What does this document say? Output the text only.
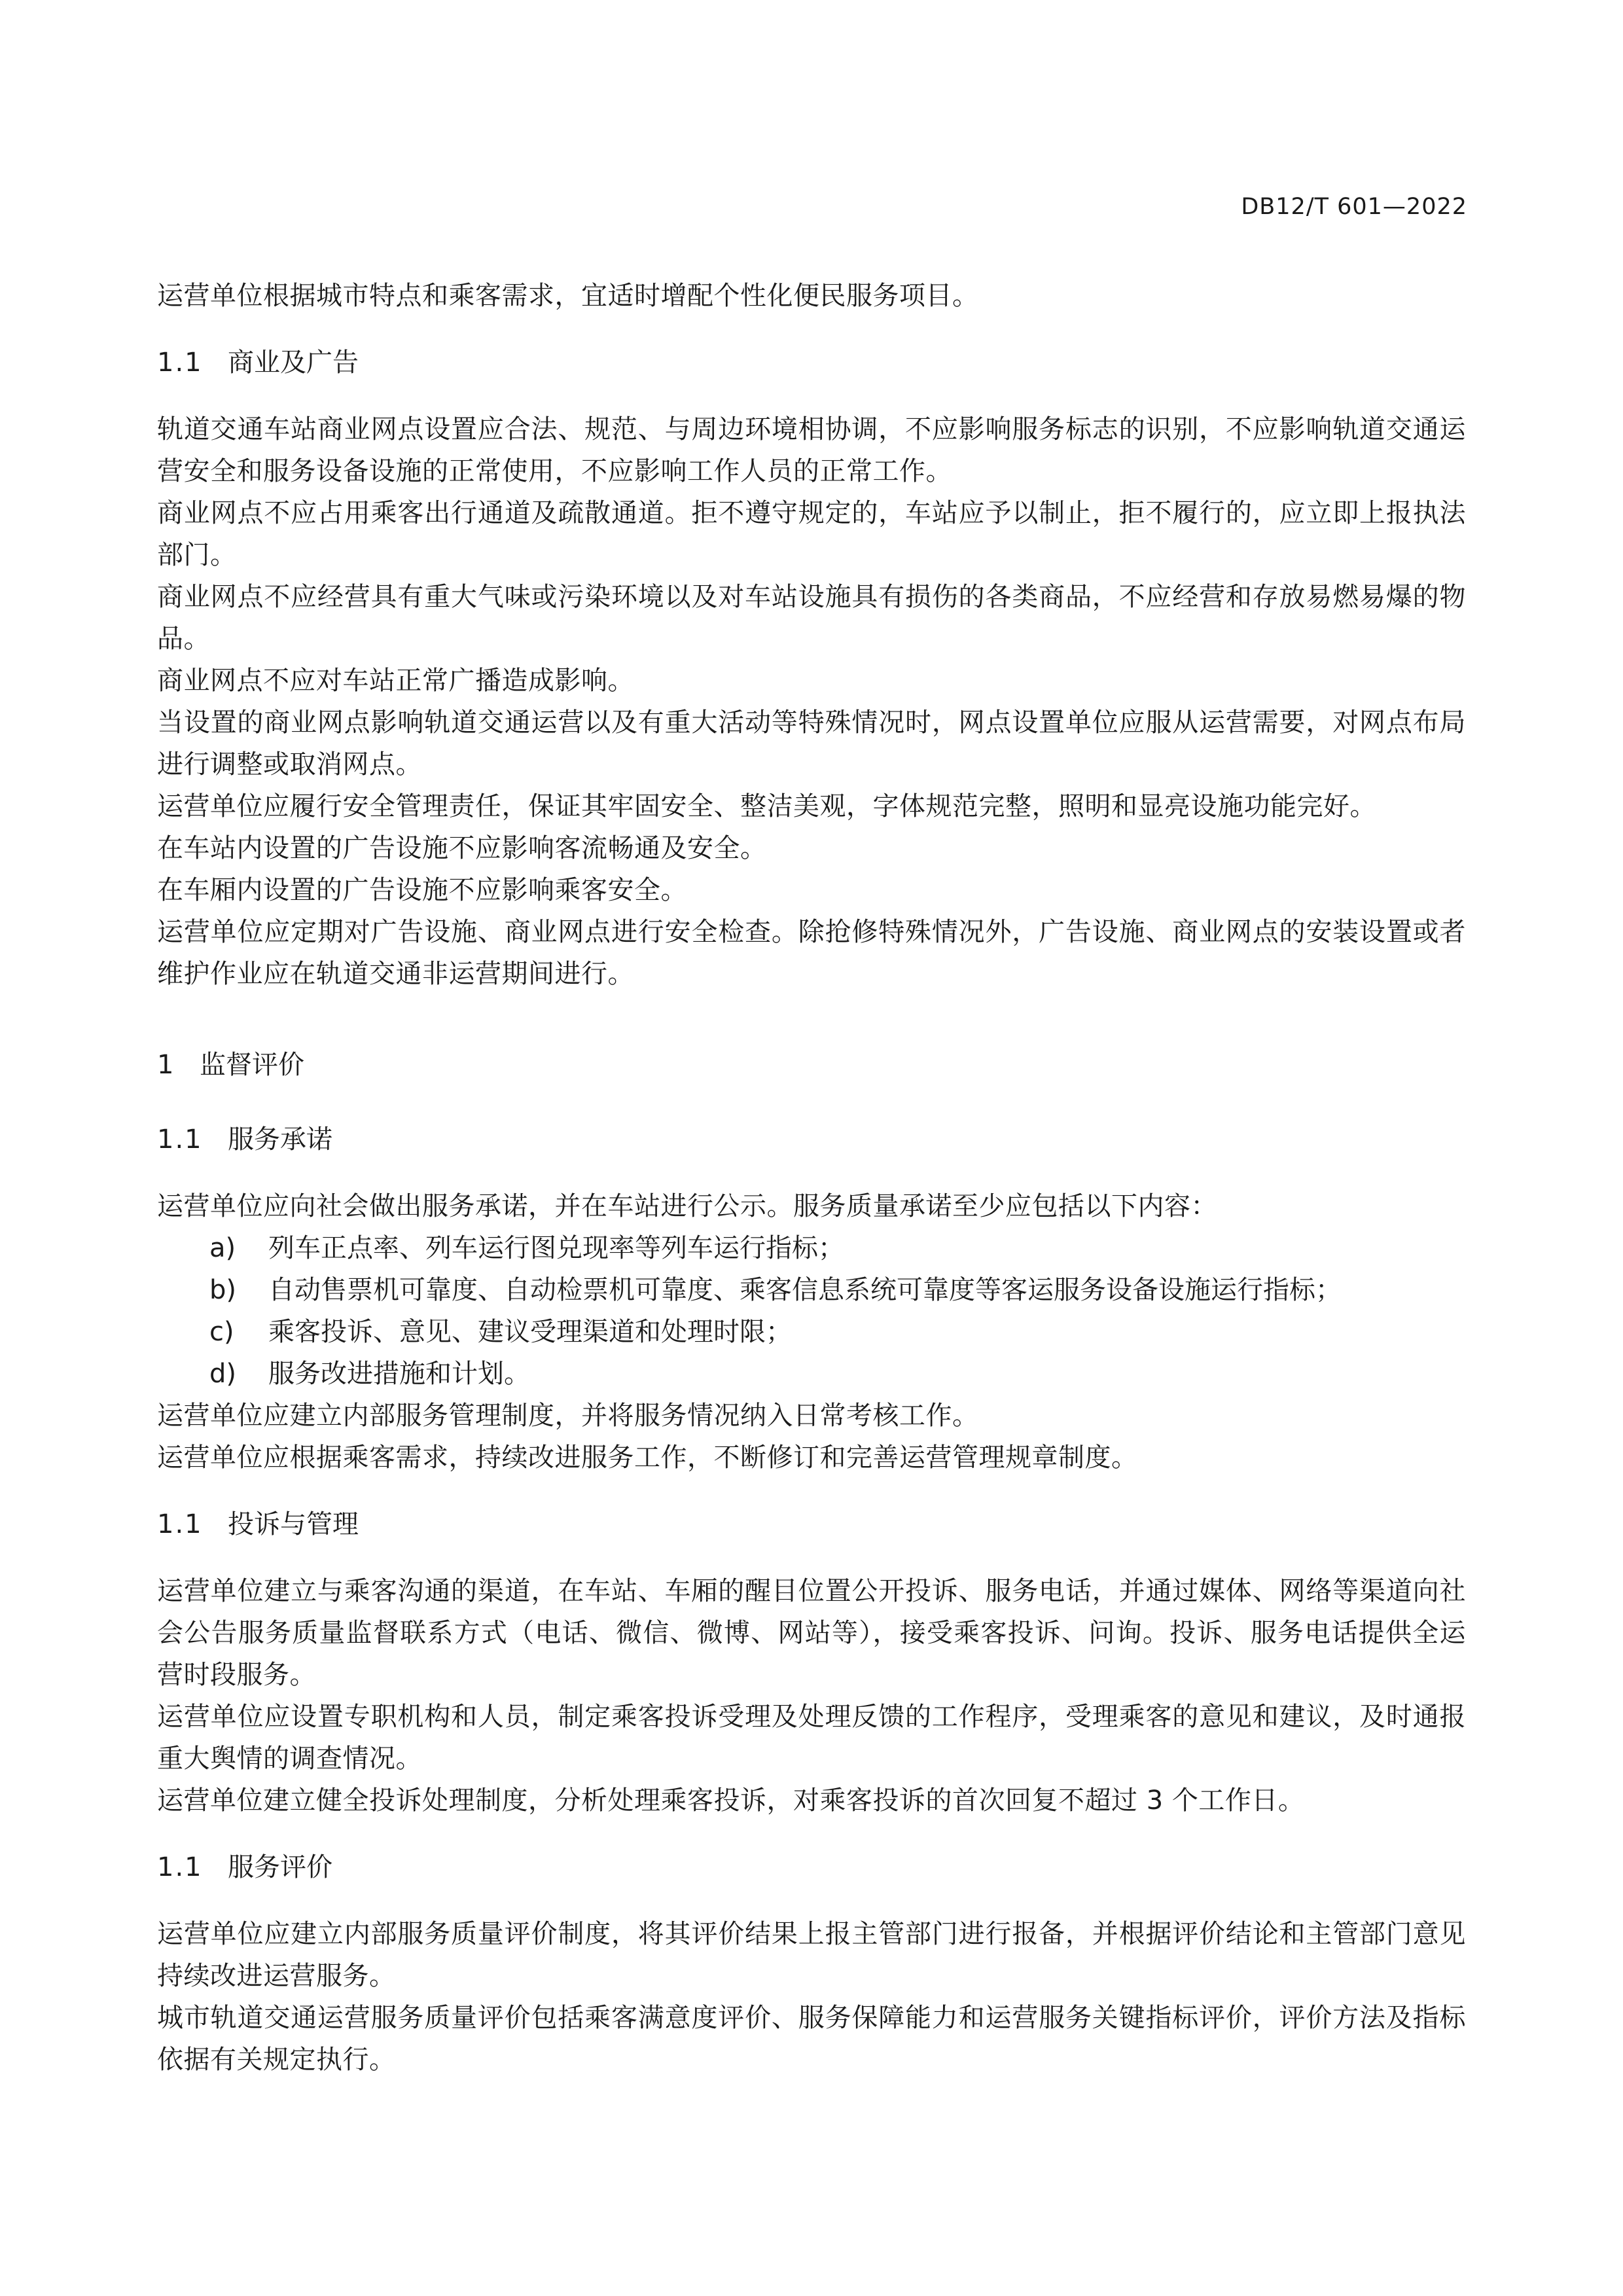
DB12/T 601—2022

运营单位根据城市特点和乘客需求，宜适时增配个性化便民服务项目。

1.1 商业及广告

轨道交通车站商业网点设置应合法、规范、与周边环境相协调，不应影响服务标志的识别，不应影响轨道交通运营安全和服务设备设施的正常使用，不应影响工作人员的正常工作。

商业网点不应占用乘客出行通道及疏散通道。拒不遵守规定的，车站应予以制止，拒不履行的，应立即上报执法部门。

商业网点不应经营具有重大气味或污染环境以及对车站设施具有损伤的各类商品，不应经营和存放易燃易爆的物品。

商业网点不应对车站正常广播造成影响。

当设置的商业网点影响轨道交通运营以及有重大活动等特殊情况时，网点设置单位应服从运营需要，对网点布局进行调整或取消网点。

运营单位应履行安全管理责任，保证其牢固安全、整洁美观，字体规范完整，照明和显亮设施功能完好。

在车站内设置的广告设施不应影响客流畅通及安全。

在车厢内设置的广告设施不应影响乘客安全。

运营单位应定期对广告设施、商业网点进行安全检查。除抢修特殊情况外，广告设施、商业网点的安装设置或者维护作业应在轨道交通非运营期间进行。

1 监督评价

1.1 服务承诺

运营单位应向社会做出服务承诺，并在车站进行公示。服务质量承诺至少应包括以下内容：

a) 列车正点率、列车运行图兑现率等列车运行指标；

b) 自动售票机可靠度、自动检票机可靠度、乘客信息系统可靠度等客运服务设备设施运行指标；

c) 乘客投诉、意见、建议受理渠道和处理时限；

d) 服务改进措施和计划。

运营单位应建立内部服务管理制度，并将服务情况纳入日常考核工作。

运营单位应根据乘客需求，持续改进服务工作，不断修订和完善运营管理规章制度。

1.1 投诉与管理

运营单位建立与乘客沟通的渠道，在车站、车厢的醒目位置公开投诉、服务电话，并通过媒体、网络等渠道向社会公告服务质量监督联系方式（电话、微信、微博、网站等），接受乘客投诉、问询。投诉、服务电话提供全运营时段服务。

运营单位应设置专职机构和人员，制定乘客投诉受理及处理反馈的工作程序，受理乘客的意见和建议，及时通报重大舆情的调查情况。

运营单位建立健全投诉处理制度，分析处理乘客投诉，对乘客投诉的首次回复不超过 3 个工作日。

1.1 服务评价

运营单位应建立内部服务质量评价制度，将其评价结果上报主管部门进行报备，并根据评价结论和主管部门意见持续改进运营服务。

城市轨道交通运营服务质量评价包括乘客满意度评价、服务保障能力和运营服务关键指标评价，评价方法及指标依据有关规定执行。
